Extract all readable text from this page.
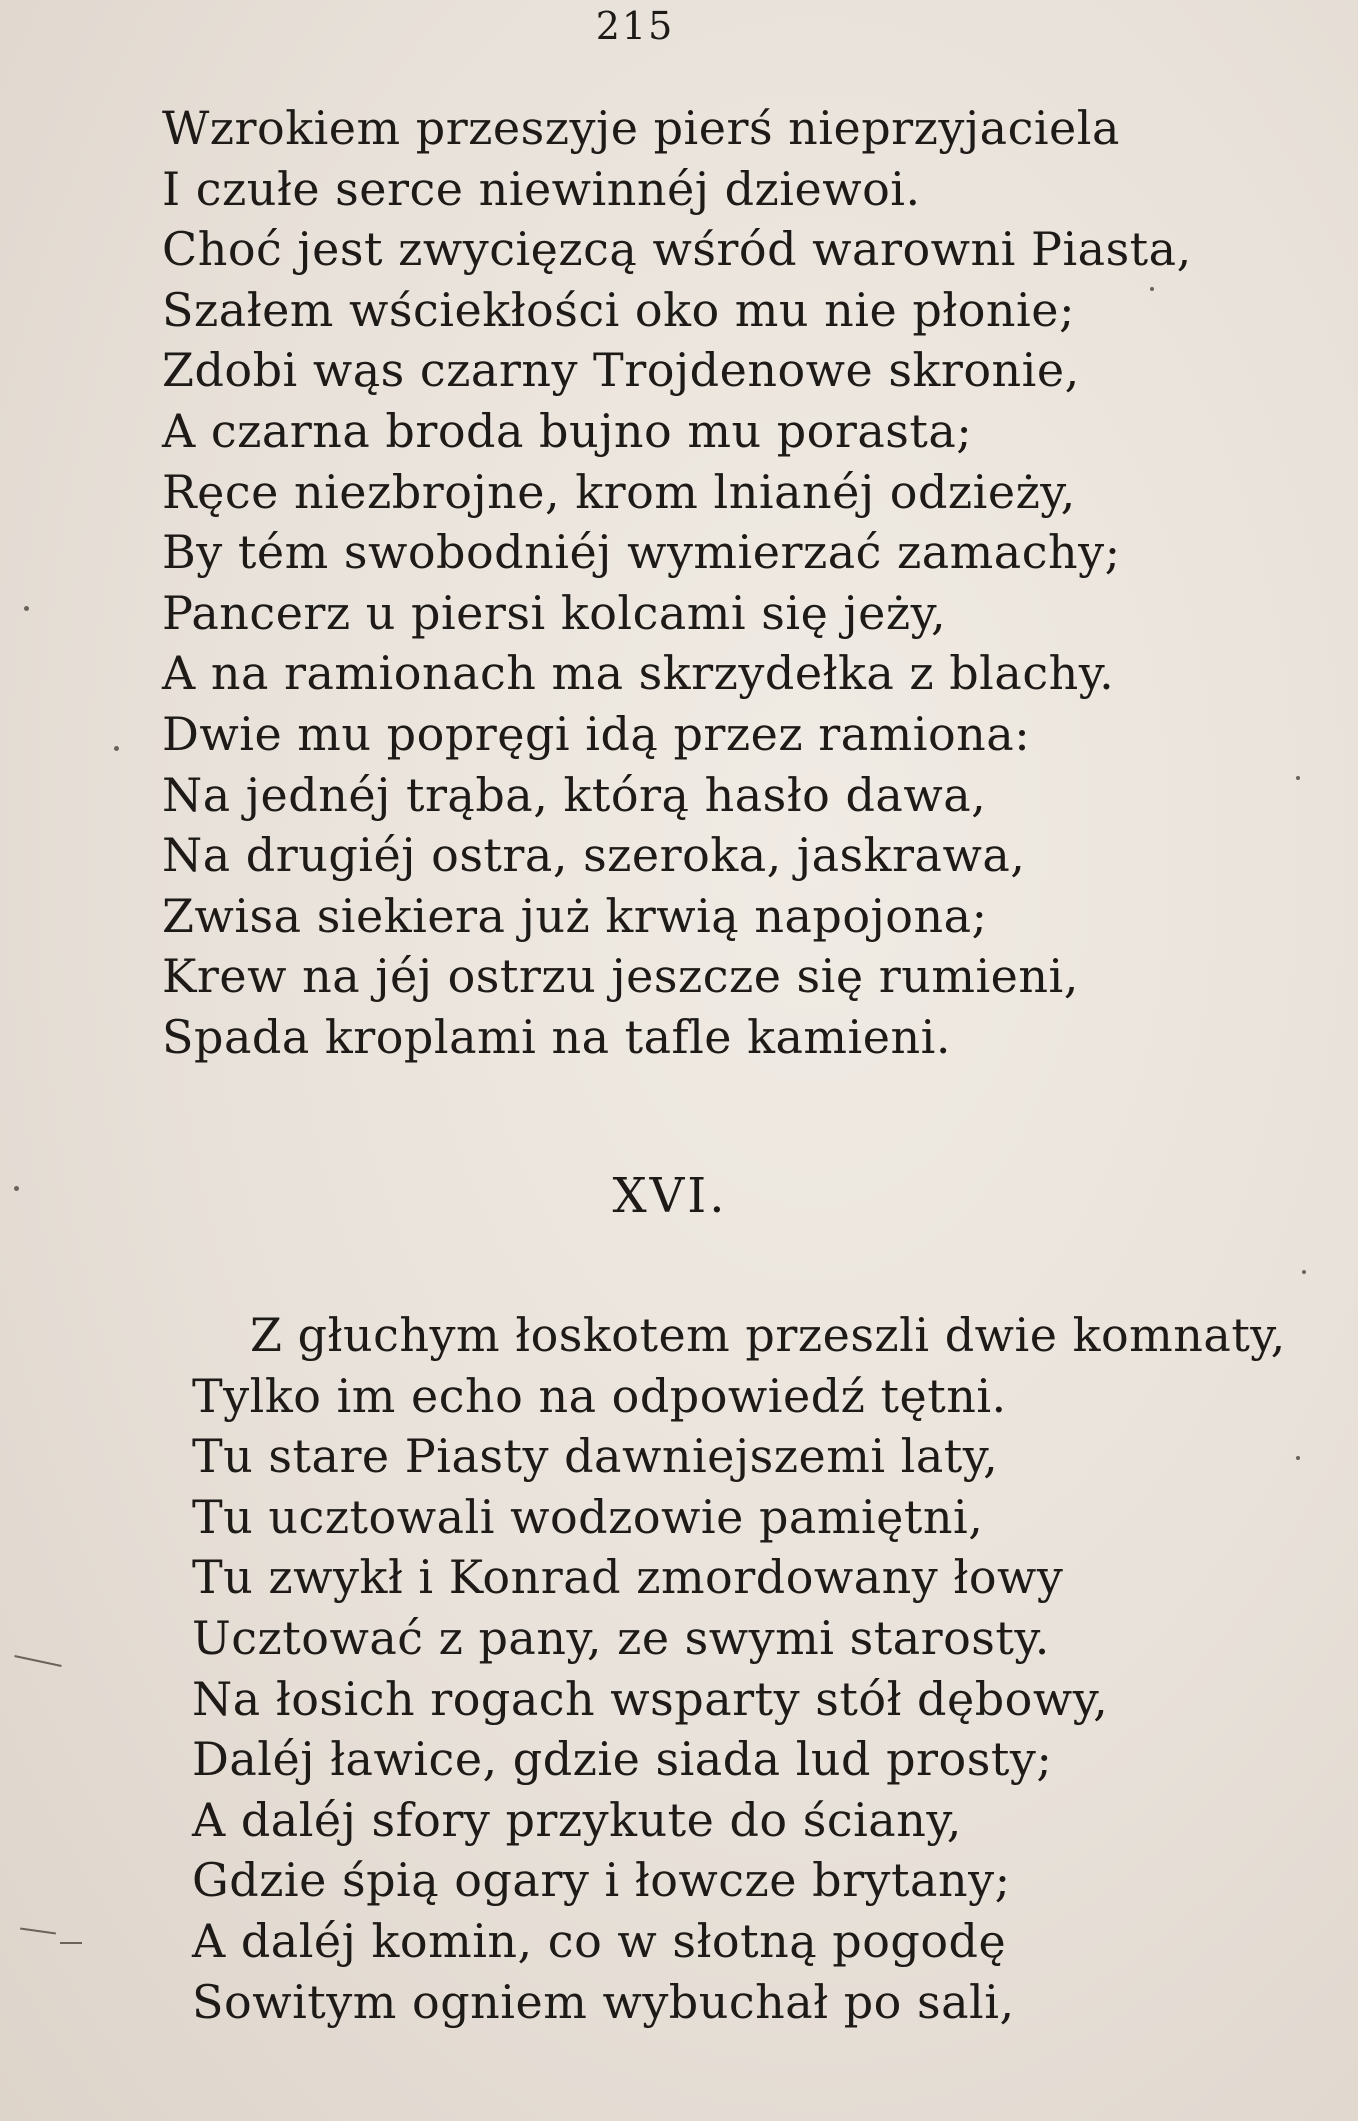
215
Wzrokiem przeszyje pierś nieprzyjaciela
I czułe serce niewinnéj dziewoi.
Choć jest zwycięzcą wśród warowni Piasta,
Szałem wściekłości oko mu nie płonie;
Zdobi wąs czarny Trojdenowe skronie,
A czarna broda bujno mu porasta;
Ręce niezbrojne, krom lnianéj odzieży,
By tém swobodniéj wymierzać zamachy;
Pancerz u piersi kolcami się jeży,
A na ramionach ma skrzydełka z blachy.
Dwie mu popręgi idą przez ramiona:
Na jednéj trąba, którą hasło dawa,
Na drugiéj ostra, szeroka, jaskrawa,
Zwisa siekiera już krwią napojona;
Krew na jéj ostrzu jeszcze się rumieni,
Spada kroplami na tafle kamieni.
XVI.
Z głuchym łoskotem przeszli dwie komnaty,
Tylko im echo na odpowiedź tętni.
Tu stare Piasty dawniejszemi laty,
Tu ucztowali wodzowie pamiętni,
Tu zwykł i Konrad zmordowany łowy
Ucztować z pany, ze swymi starosty.
Na łosich rogach wsparty stół dębowy,
Daléj ławice, gdzie siada lud prosty;
A daléj sfory przykute do ściany,
Gdzie śpią ogary i łowcze brytany;
A daléj komin, co w słotną pogodę
Sowitym ogniem wybuchał po sali,
